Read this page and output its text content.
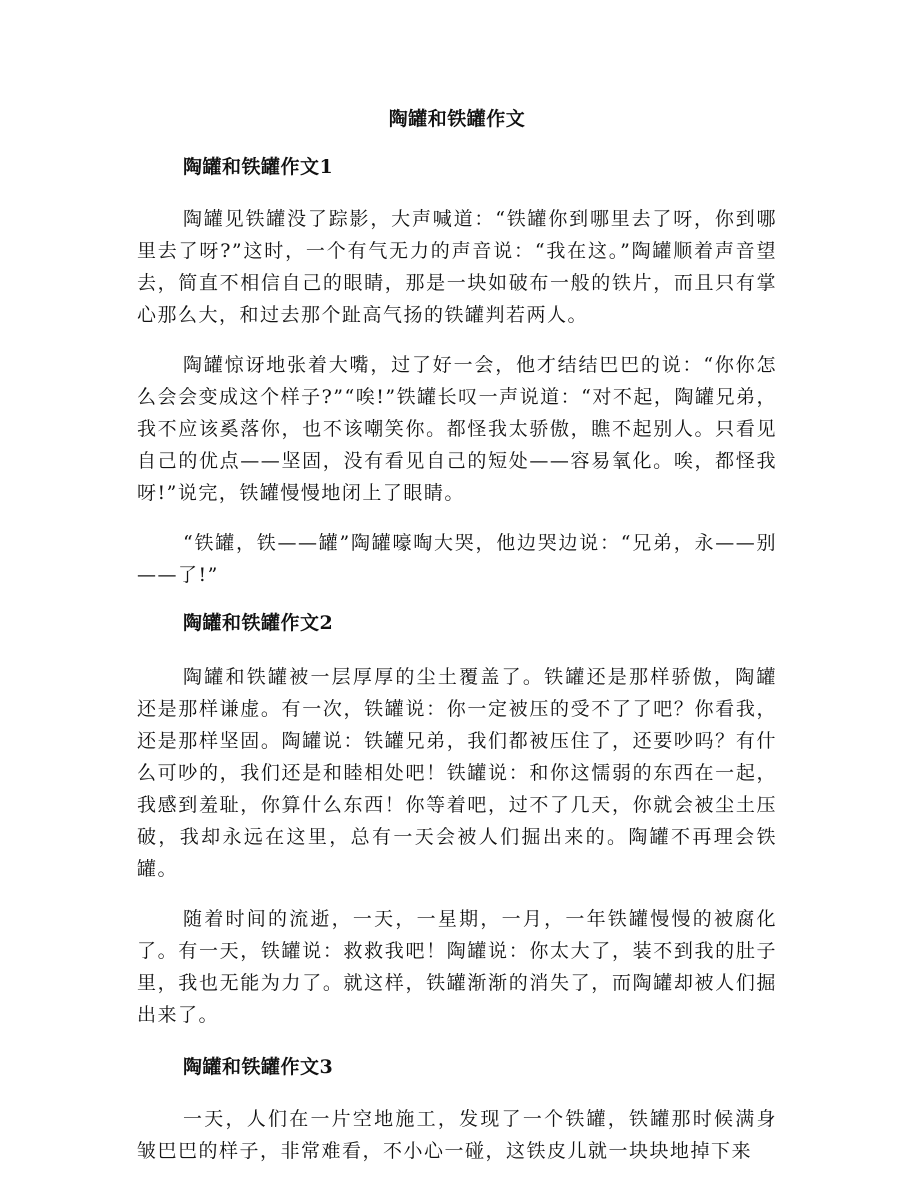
陶罐和铁罐作文
陶罐和铁罐作文1

陶罐见铁罐没了踪影，大声喊道：“铁罐你到哪里去了呀，你到哪里去了呀?”这时，一个有气无力的声音说：“我在这。”陶罐顺着声音望去，简直不相信自己的眼睛，那是一块如破布一般的铁片，而且只有掌心那么大，和过去那个趾高气扬的铁罐判若两人。

陶罐惊讶地张着大嘴，过了好一会，他才结结巴巴的说：“你你怎么会会变成这个样子?”“唉!”铁罐长叹一声说道：“对不起，陶罐兄弟，我不应该奚落你，也不该嘲笑你。都怪我太骄傲，瞧不起别人。只看见自己的优点——坚固，没有看见自己的短处——容易氧化。唉，都怪我呀!”说完，铁罐慢慢地闭上了眼睛。

“铁罐，铁——罐”陶罐嚎啕大哭，他边哭边说：“兄弟，永——别——了!”

陶罐和铁罐作文2

陶罐和铁罐被一层厚厚的尘土覆盖了。铁罐还是那样骄傲，陶罐还是那样谦虚。有一次，铁罐说：你一定被压的受不了了吧？你看我，还是那样坚固。陶罐说：铁罐兄弟，我们都被压住了，还要吵吗？有什么可吵的，我们还是和睦相处吧！铁罐说：和你这懦弱的东西在一起，我感到羞耻，你算什么东西！你等着吧，过不了几天，你就会被尘土压破，我却永远在这里，总有一天会被人们掘出来的。陶罐不再理会铁罐。

随着时间的流逝，一天，一星期，一月，一年铁罐慢慢的被腐化了。有一天，铁罐说：救救我吧！陶罐说：你太大了，装不到我的肚子里，我也无能为力了。就这样，铁罐渐渐的消失了，而陶罐却被人们掘出来了。

陶罐和铁罐作文3

一天，人们在一片空地施工，发现了一个铁罐，铁罐那时候满身皱巴巴的样子，非常难看，不小心一碰，这铁皮儿就一块块地掉下来
